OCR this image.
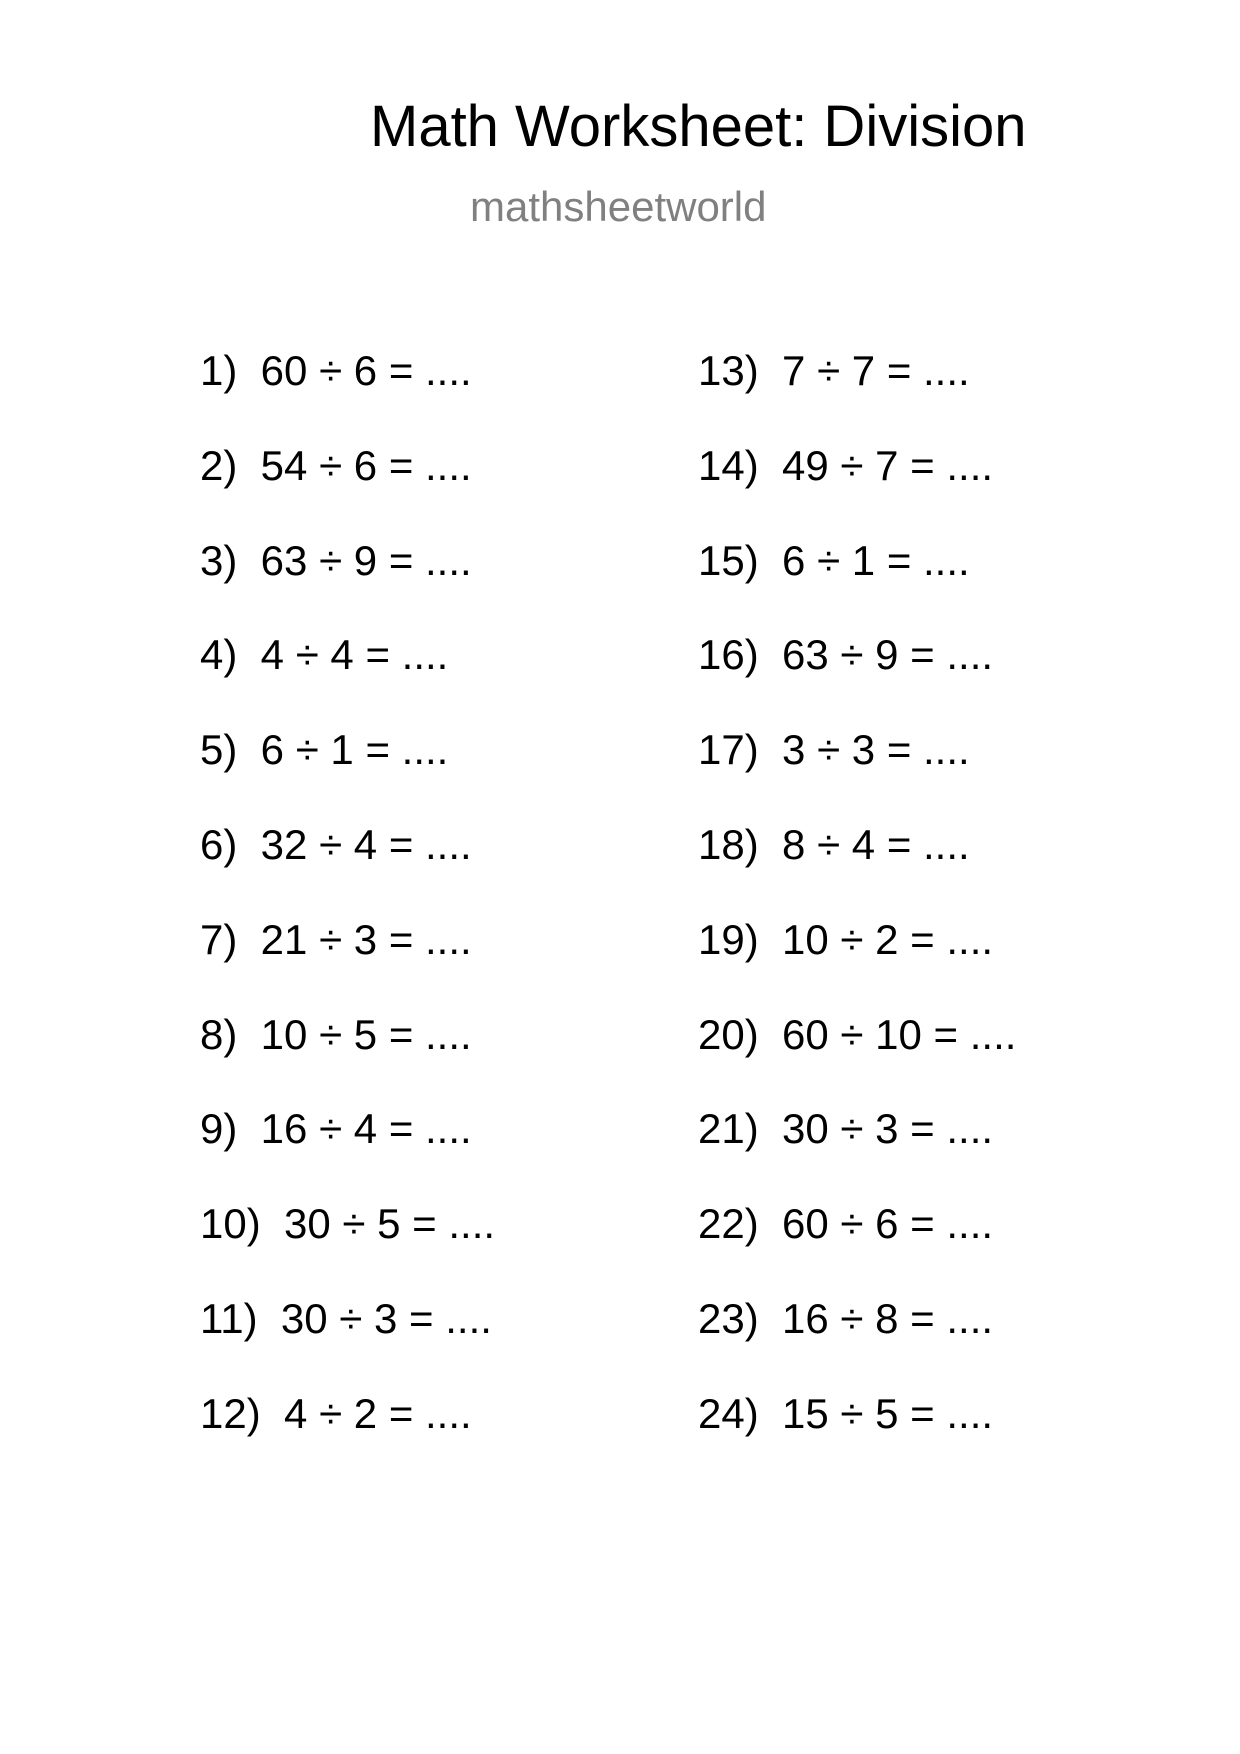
Math Worksheet: Division
mathsheetworld
1)  60 ÷ 6 = ....
2)  54 ÷ 6 = ....
3)  63 ÷ 9 = ....
4)  4 ÷ 4 = ....
5)  6 ÷ 1 = ....
6)  32 ÷ 4 = ....
7)  21 ÷ 3 = ....
8)  10 ÷ 5 = ....
9)  16 ÷ 4 = ....
10)  30 ÷ 5 = ....
11)  30 ÷ 3 = ....
12)  4 ÷ 2 = ....
13)  7 ÷ 7 = ....
14)  49 ÷ 7 = ....
15)  6 ÷ 1 = ....
16)  63 ÷ 9 = ....
17)  3 ÷ 3 = ....
18)  8 ÷ 4 = ....
19)  10 ÷ 2 = ....
20)  60 ÷ 10 = ....
21)  30 ÷ 3 = ....
22)  60 ÷ 6 = ....
23)  16 ÷ 8 = ....
24)  15 ÷ 5 = ....
